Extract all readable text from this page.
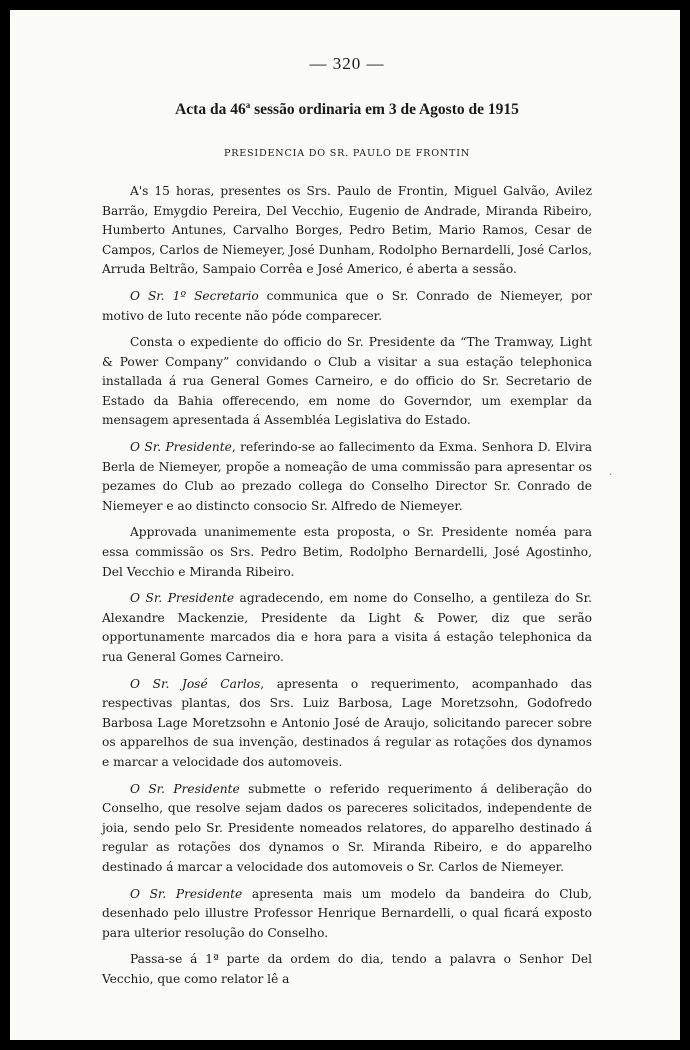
— 320 —
Acta da 46$^a$ sessão ordinaria em 3 de Agosto de 1915
PRESIDENCIA DO SR. PAULO DE FRONTIN

A's 15 horas, presentes os Srs. Paulo de Frontin, Miguel Galvão, Avilez Barrão, Emygdio Pereira, Del Vecchio, Eugenio de Andrade, Miranda Ribeiro, Humberto Antunes, Carvalho Borges, Pedro Betim, Mario Ramos, Cesar de Campos, Carlos de Niemeyer, José Dunham, Rodolpho Bernardelli, José Carlos, Arruda Beltrão, Sampaio Corrêa e José Americo, é aberta a sessão.

O Sr. 1º Secretario communica que o Sr. Conrado de Niemeyer, por motivo de luto recente não póde comparecer.

Consta o expediente do officio do Sr. Presidente da “The Tramway, Light & Power Company” convidando o Club a visitar a sua estação telephonica installada á rua General Gomes Carneiro, e do officio do Sr. Secretario de Estado da Bahia offerecendo, em nome do Governdor, um exemplar da mensagem apresentada á Assembléa Legislativa do Estado.

O Sr. Presidente, referindo-se ao fallecimento da Exma. Senhora D. Elvira Berla de Niemeyer, propõe a nomeação de uma commissão para apresentar os pezames do Club ao prezado collega do Conselho Director Sr. Conrado de Niemeyer e ao distincto consocio Sr. Alfredo de Niemeyer.

Approvada unanimemente esta proposta, o Sr. Presidente noméa para essa commissão os Srs. Pedro Betim, Rodolpho Bernardelli, José Agostinho, Del Vecchio e Miranda Ribeiro.

O Sr. Presidente agradecendo, em nome do Conselho, a gentileza do Sr. Alexandre Mackenzie, Presidente da Light & Power, diz que serão opportunamente marcados dia e hora para a visita á estação telephonica da rua General Gomes Carneiro.

O Sr. José Carlos, apresenta o requerimento, acompanhado das respectivas plantas, dos Srs. Luiz Barbosa, Lage Moretzsohn, Godofredo Barbosa Lage Moretzsohn e Antonio José de Araujo, solicitando parecer sobre os apparelhos de sua invenção, destinados á regular as rotações dos dynamos e marcar a velocidade dos automoveis.

O Sr. Presidente submette o referido requerimento á deliberação do Conselho, que resolve sejam dados os pareceres solicitados, independente de joia, sendo pelo Sr. Presidente nomeados relatores, do apparelho destinado á regular as rotações dos dynamos o Sr. Miranda Ribeiro, e do apparelho destinado á marcar a velocidade dos automoveis o Sr. Carlos de Niemeyer.

O Sr. Presidente apresenta mais um modelo da bandeira do Club, desenhado pelo illustre Professor Henrique Bernardelli, o qual ficará exposto para ulterior resolução do Conselho.

Passa-se á 1ª parte da ordem do dia, tendo a palavra o Senhor Del Vecchio, que como relator lê a

·
